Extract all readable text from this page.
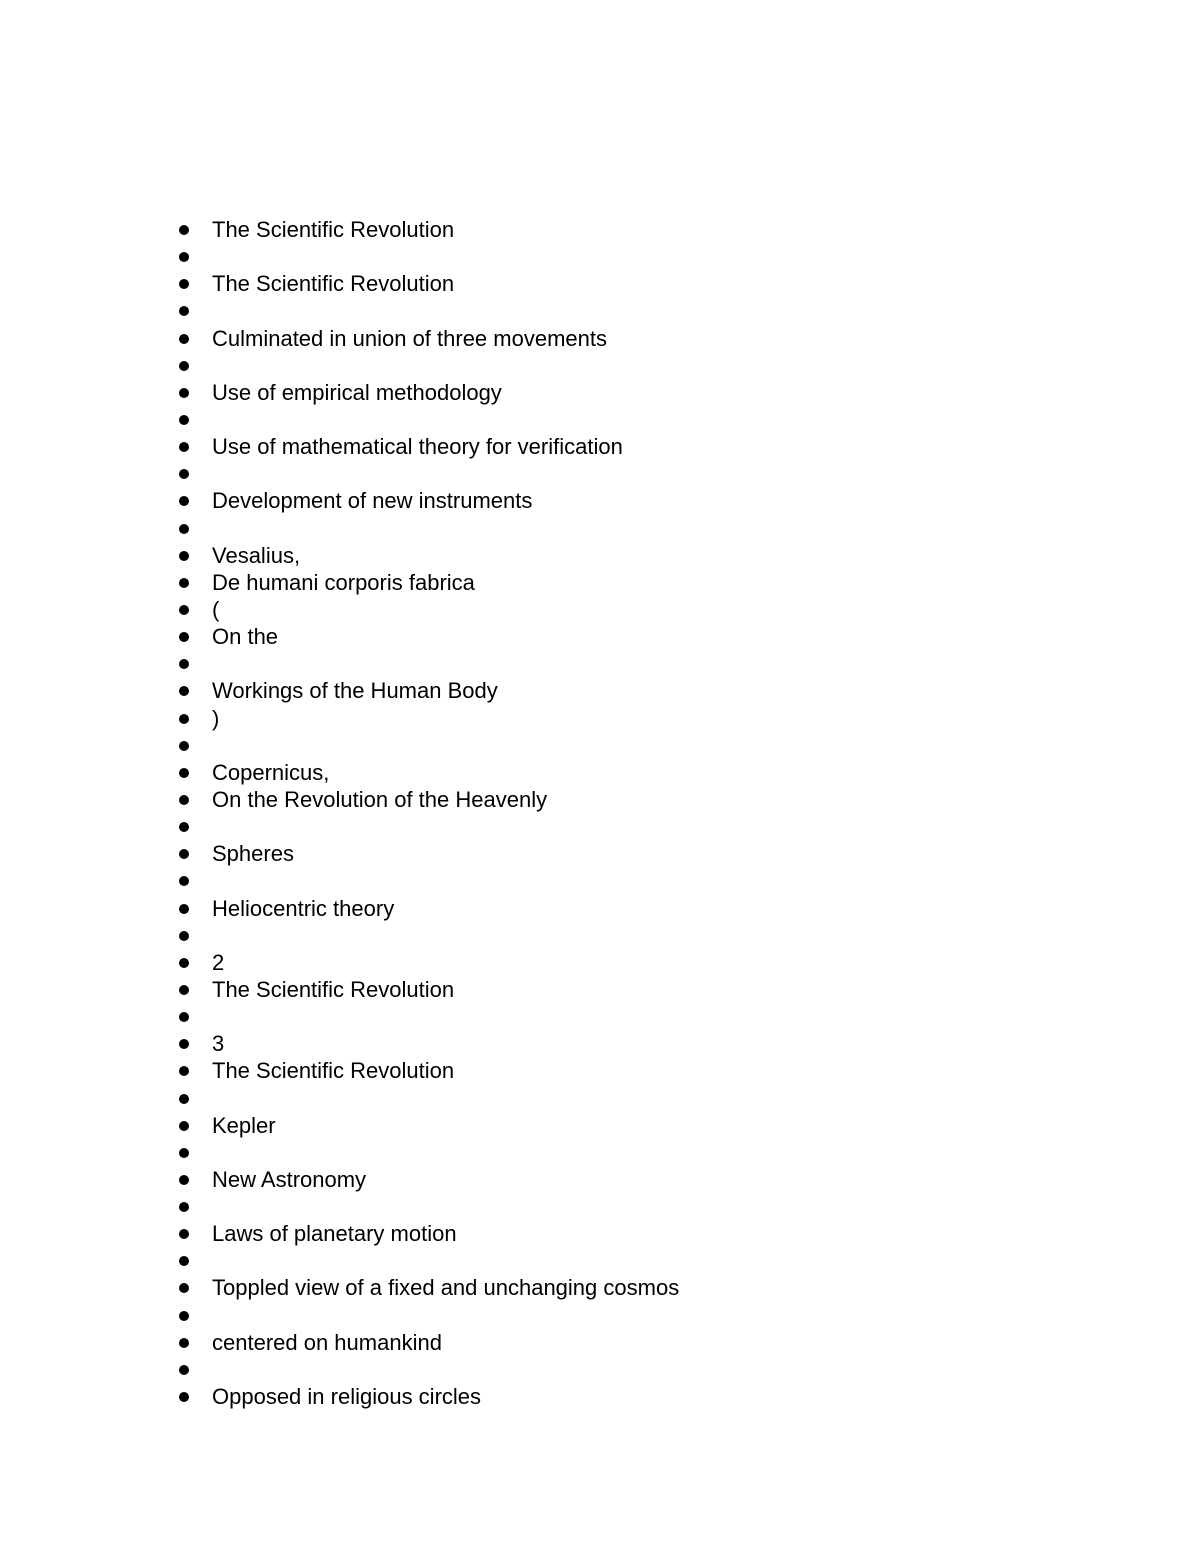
The Scientific Revolution
The Scientific Revolution
Culminated in union of three movements
Use of empirical methodology
Use of mathematical theory for verification
Development of new instruments
Vesalius,
De humani corporis fabrica
(
On the
Workings of the Human Body
)
Copernicus,
On the Revolution of the Heavenly
Spheres
Heliocentric theory
2
The Scientific Revolution
3
The Scientific Revolution
Kepler
New Astronomy
Laws of planetary motion
Toppled view of a fixed and unchanging cosmos
centered on humankind
Opposed in religious circles
